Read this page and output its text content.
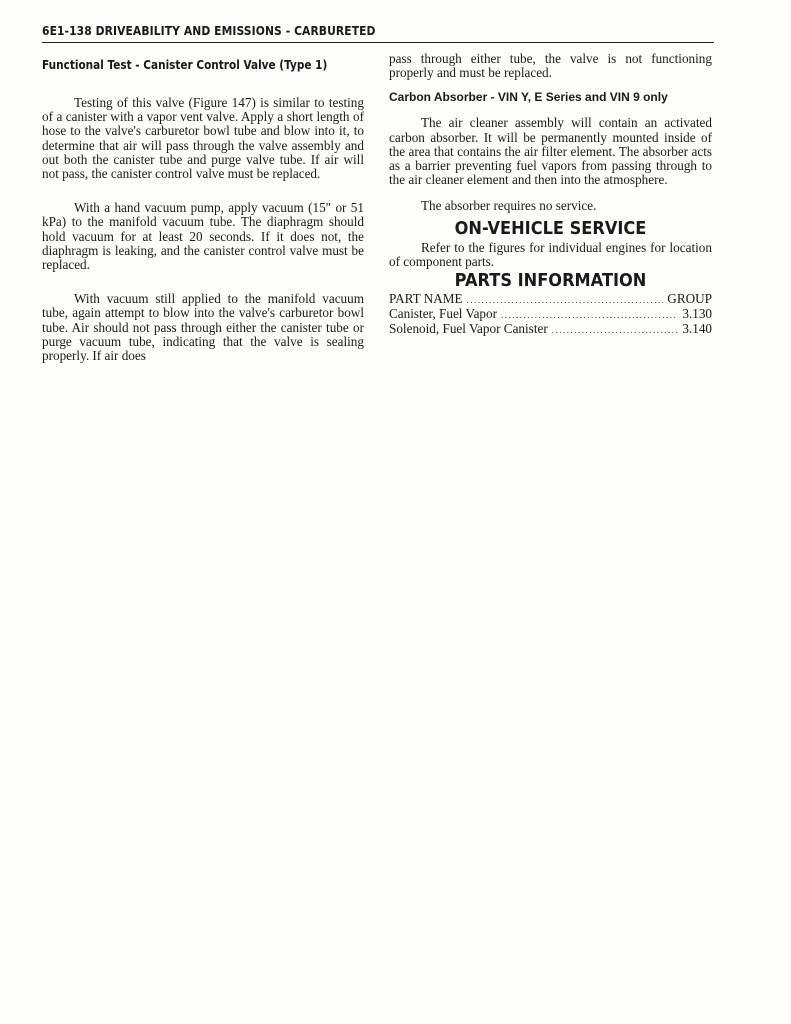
6E1-138 DRIVEABILITY AND EMISSIONS - CARBURETED
Functional Test - Canister Control Valve (Type 1)

Testing of this valve (Figure 147) is similar to testing of a canister with a vapor vent valve. Apply a short length of hose to the valve's carburetor bowl tube and blow into it, to determine that air will pass through the valve assembly and out both the canister tube and purge valve tube. If air will not pass, the canister control valve must be replaced.

With a hand vacuum pump, apply vacuum (15" or 51 kPa) to the manifold vacuum tube. The diaphragm should hold vacuum for at least 20 seconds. If it does not, the diaphragm is leaking, and the canister control valve must be replaced.

With vacuum still applied to the manifold vacuum tube, again attempt to blow into the valve's carburetor bowl tube. Air should not pass through either the canister tube or purge vacuum tube, indicating that the valve is sealing properly. If air does

pass through either tube, the valve is not functioning properly and must be replaced.

Carbon Absorber - VIN Y, E Series and VIN 9 only

The air cleaner assembly will contain an activated carbon absorber. It will be permanently mounted inside of the area that contains the air filter element. The absorber acts as a barrier preventing fuel vapors from passing through to the air cleaner element and then into the atmosphere.

The absorber requires no service.

ON-VEHICLE SERVICE

Refer to the figures for individual engines for location of component parts.

PARTS INFORMATION
PART NAME .....	GROUP
Canister, Fuel Vapor .....	3.130
Solenoid, Fuel Vapor Canister .....	3.140
